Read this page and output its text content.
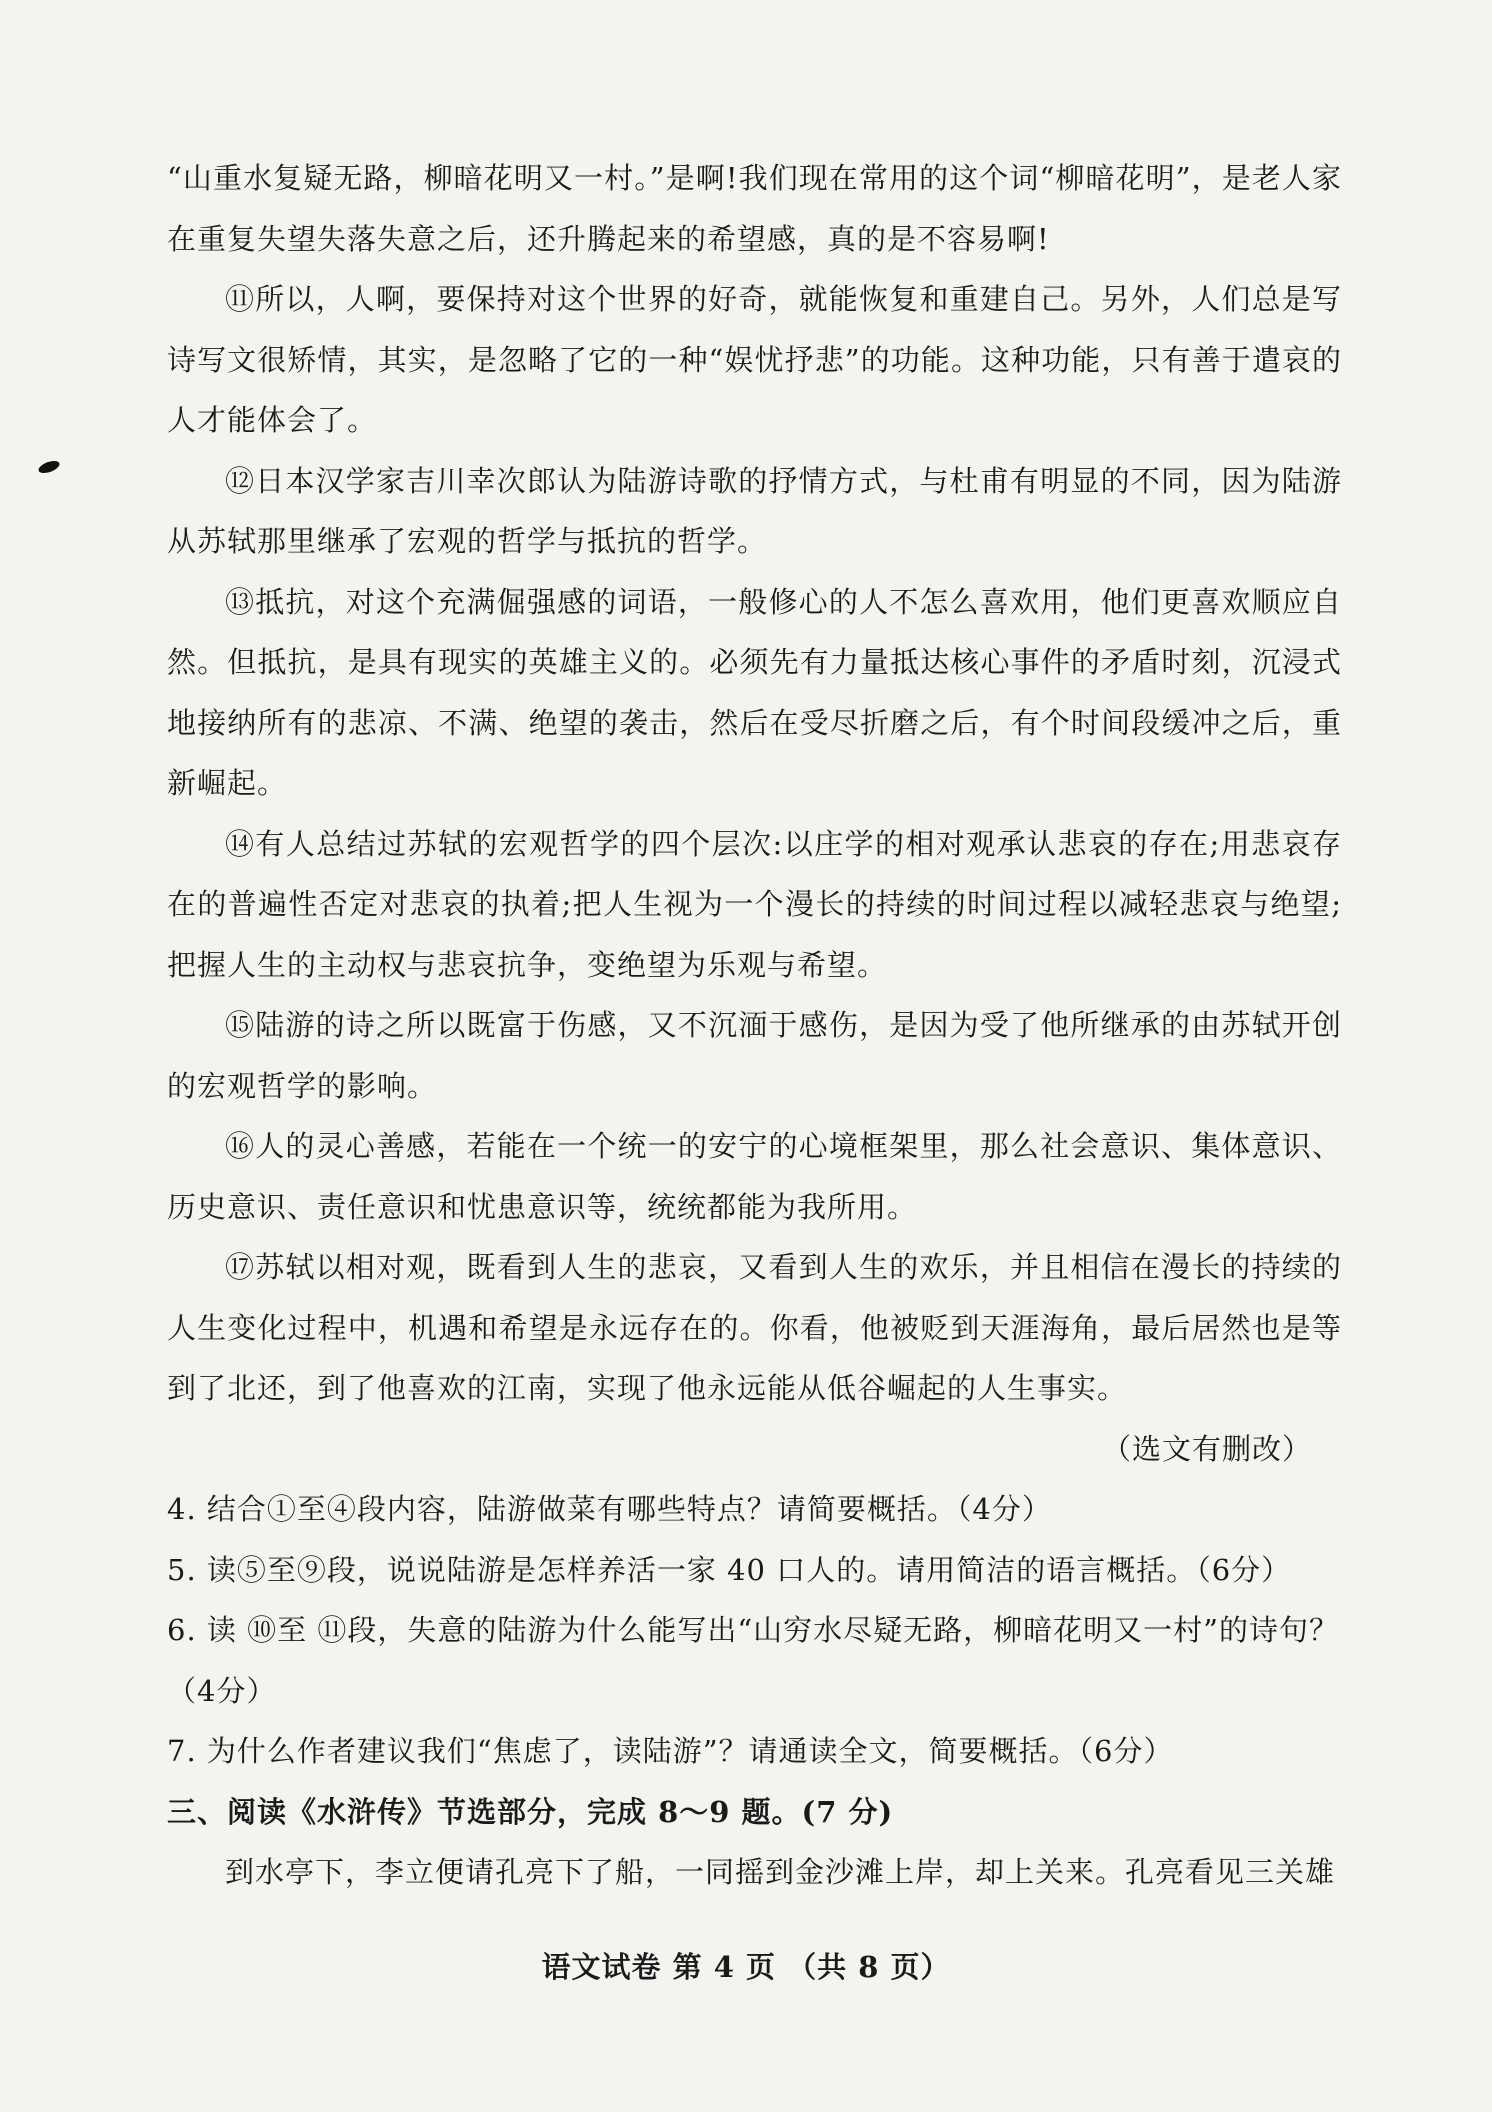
“山重水复疑无路，柳暗花明又一村。”是啊!我们现在常用的这个词“柳暗花明”，是老人家在重复失望失落失意之后，还升腾起来的希望感，真的是不容易啊!

⑪所以，人啊，要保持对这个世界的好奇，就能恢复和重建自己。另外，人们总是写诗写文很矫情，其实，是忽略了它的一种“娱忧抒悲”的功能。这种功能，只有善于遣哀的人才能体会了。

⑫日本汉学家吉川幸次郎认为陆游诗歌的抒情方式，与杜甫有明显的不同，因为陆游从苏轼那里继承了宏观的哲学与抵抗的哲学。

⑬抵抗，对这个充满倔强感的词语，一般修心的人不怎么喜欢用，他们更喜欢顺应自然。但抵抗，是具有现实的英雄主义的。必须先有力量抵达核心事件的矛盾时刻，沉浸式地接纳所有的悲凉、不满、绝望的袭击，然后在受尽折磨之后，有个时间段缓冲之后，重新崛起。

⑭有人总结过苏轼的宏观哲学的四个层次:以庄学的相对观承认悲哀的存在;用悲哀存在的普遍性否定对悲哀的执着;把人生视为一个漫长的持续的时间过程以减轻悲哀与绝望;把握人生的主动权与悲哀抗争，变绝望为乐观与希望。

⑮陆游的诗之所以既富于伤感，又不沉湎于感伤，是因为受了他所继承的由苏轼开创的宏观哲学的影响。

⑯人的灵心善感，若能在一个统一的安宁的心境框架里，那么社会意识、集体意识、历史意识、责任意识和忧患意识等，统统都能为我所用。

⑰苏轼以相对观，既看到人生的悲哀，又看到人生的欢乐，并且相信在漫长的持续的人生变化过程中，机遇和希望是永远存在的。你看，他被贬到天涯海角，最后居然也是等到了北还，到了他喜欢的江南，实现了他永远能从低谷崛起的人生事实。

（选文有删改）

4. 结合①至④段内容，陆游做菜有哪些特点？请简要概括。（4分）

5. 读⑤至⑨段，说说陆游是怎样养活一家 40 口人的。请用简洁的语言概括。（6分）

6. 读 ⑩至 ⑪段，失意的陆游为什么能写出“山穷水尽疑无路，柳暗花明又一村”的诗句？（4分）

7. 为什么作者建议我们“焦虑了，读陆游”？请通读全文，简要概括。（6分）

三、阅读《水浒传》节选部分，完成 8～9 题。(7 分)

到水亭下，李立便请孔亮下了船，一同摇到金沙滩上岸，却上关来。孔亮看见三关雄

语文试卷 第 4 页 （共 8 页）
